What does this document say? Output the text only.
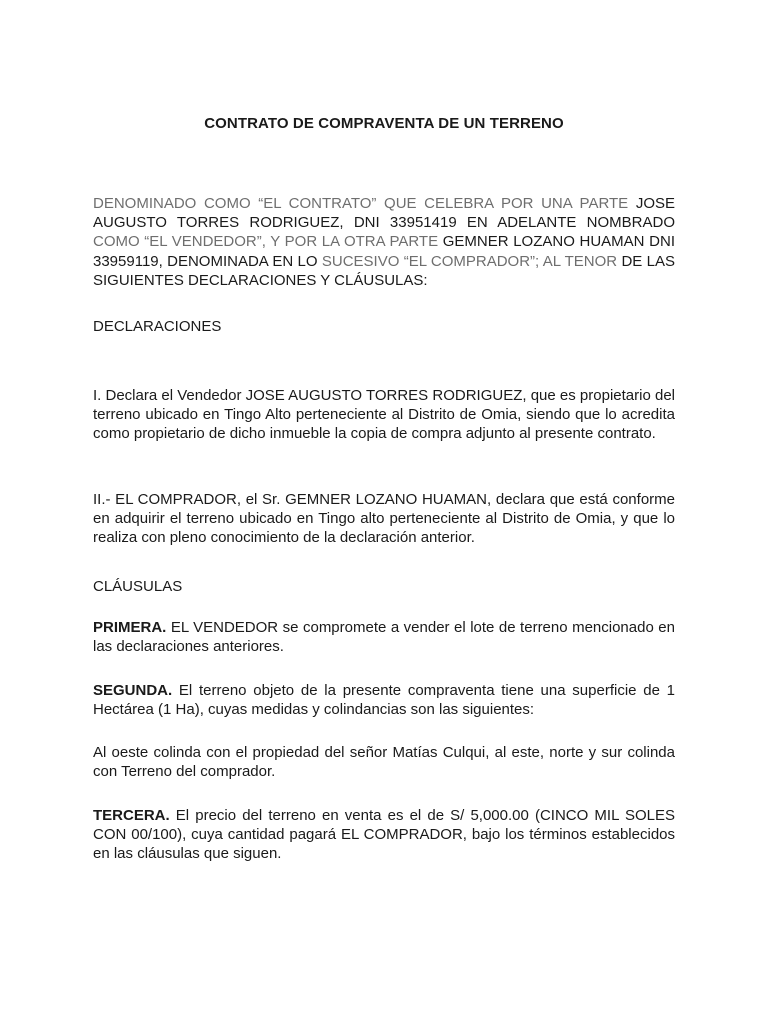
CONTRATO DE COMPRAVENTA DE UN TERRENO
DENOMINADO COMO “EL CONTRATO” QUE CELEBRA POR UNA PARTE JOSE AUGUSTO TORRES RODRIGUEZ, DNI 33951419 EN ADELANTE NOMBRADO COMO “EL VENDEDOR”, Y POR LA OTRA PARTE GEMNER LOZANO HUAMAN DNI 33959119, DENOMINADA EN LO SUCESIVO “EL COMPRADOR”; AL TENOR DE LAS SIGUIENTES DECLARACIONES Y CLÁUSULAS:
DECLARACIONES
I. Declara el Vendedor JOSE AUGUSTO TORRES RODRIGUEZ, que es propietario del terreno ubicado en Tingo Alto perteneciente al Distrito de Omia, siendo que lo acredita como propietario de dicho inmueble la copia de compra adjunto al presente contrato.
II.- EL COMPRADOR, el Sr. GEMNER LOZANO HUAMAN, declara que está conforme en adquirir el terreno ubicado en Tingo alto perteneciente al Distrito de Omia, y que lo realiza con pleno conocimiento de la declaración anterior.
CLÁUSULAS
PRIMERA. EL VENDEDOR se compromete a vender el lote de terreno mencionado en las declaraciones anteriores.
SEGUNDA. El terreno objeto de la presente compraventa tiene una superficie de 1 Hectárea (1 Ha), cuyas medidas y colindancias son las siguientes:
Al oeste colinda con el propiedad del señor Matías Culqui, al este, norte y sur colinda con Terreno del comprador.
TERCERA. El precio del terreno en venta es el de S/ 5,000.00 (CINCO MIL SOLES CON 00/100), cuya cantidad pagará EL COMPRADOR, bajo los términos establecidos en las cláusulas que siguen.
